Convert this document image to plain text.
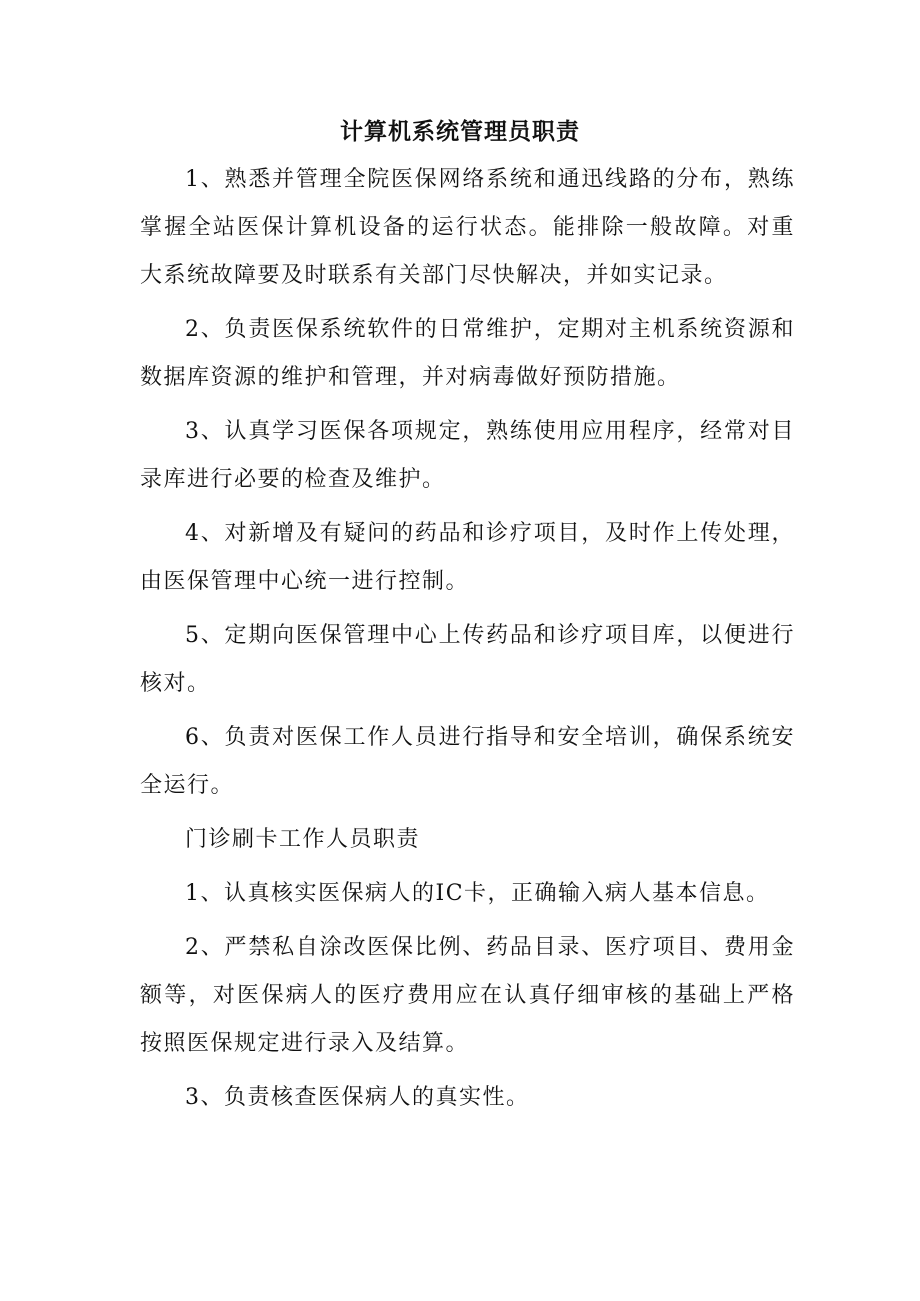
计算机系统管理员职责

1、熟悉并管理全院医保网络系统和通迅线路的分布，熟练掌握全站医保计算机设备的运行状态。能排除一般故障。对重大系统故障要及时联系有关部门尽快解决，并如实记录。

2、负责医保系统软件的日常维护，定期对主机系统资源和数据库资源的维护和管理，并对病毒做好预防措施。

3、认真学习医保各项规定，熟练使用应用程序，经常对目录库进行必要的检查及维护。

4、对新增及有疑问的药品和诊疗项目，及时作上传处理，由医保管理中心统一进行控制。

5、定期向医保管理中心上传药品和诊疗项目库，以便进行核对。

6、负责对医保工作人员进行指导和安全培训，确保系统安全运行。

门诊刷卡工作人员职责

1、认真核实医保病人的IC卡，正确输入病人基本信息。

2、严禁私自涂改医保比例、药品目录、医疗项目、费用金额等，对医保病人的医疗费用应在认真仔细审核的基础上严格按照医保规定进行录入及结算。

3、负责核查医保病人的真实性。
